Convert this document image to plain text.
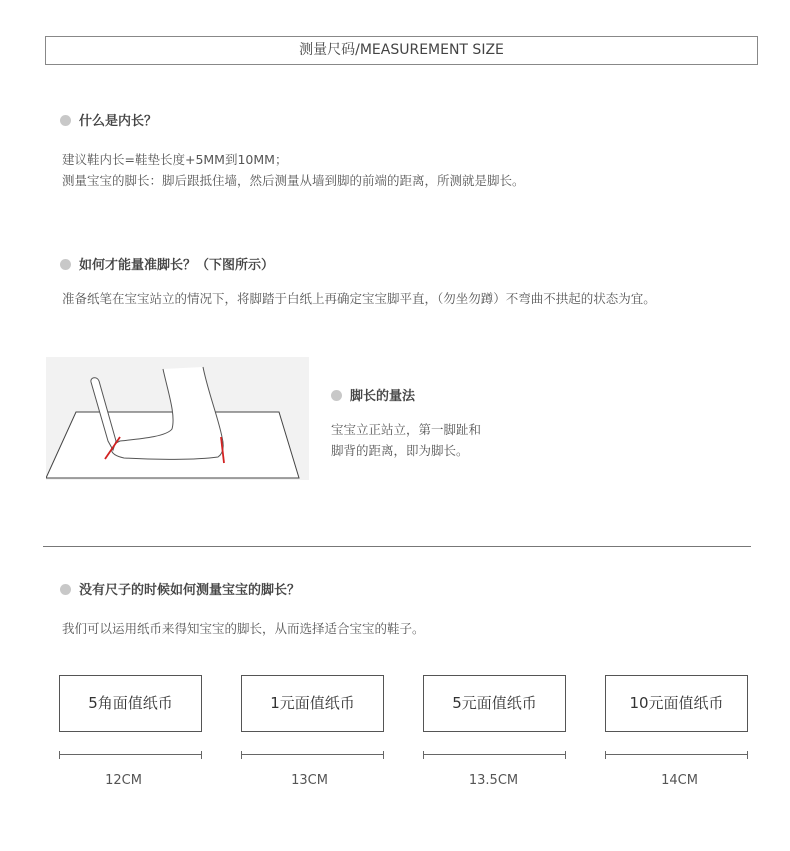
测量尺码/MEASUREMENT SIZE
什么是内长？
建议鞋内长=鞋垫长度+5MM到10MM；
测量宝宝的脚长：脚后跟抵住墙，然后测量从墙到脚的前端的距离，所测就是脚长。
如何才能量准脚长？（下图所示）
准备纸笔在宝宝站立的情况下，将脚踏于白纸上再确定宝宝脚平直，（勿坐勿蹲）不弯曲不拱起的状态为宜。
脚长的量法
宝宝立正站立，第一脚趾和
脚背的距离，即为脚长。
没有尺子的时候如何测量宝宝的脚长？
我们可以运用纸币来得知宝宝的脚长，从而选择适合宝宝的鞋子。
5角面值纸币	1元面值纸币	5元面值纸币	10元面值纸币
12CM	13CM	13.5CM	14CM
